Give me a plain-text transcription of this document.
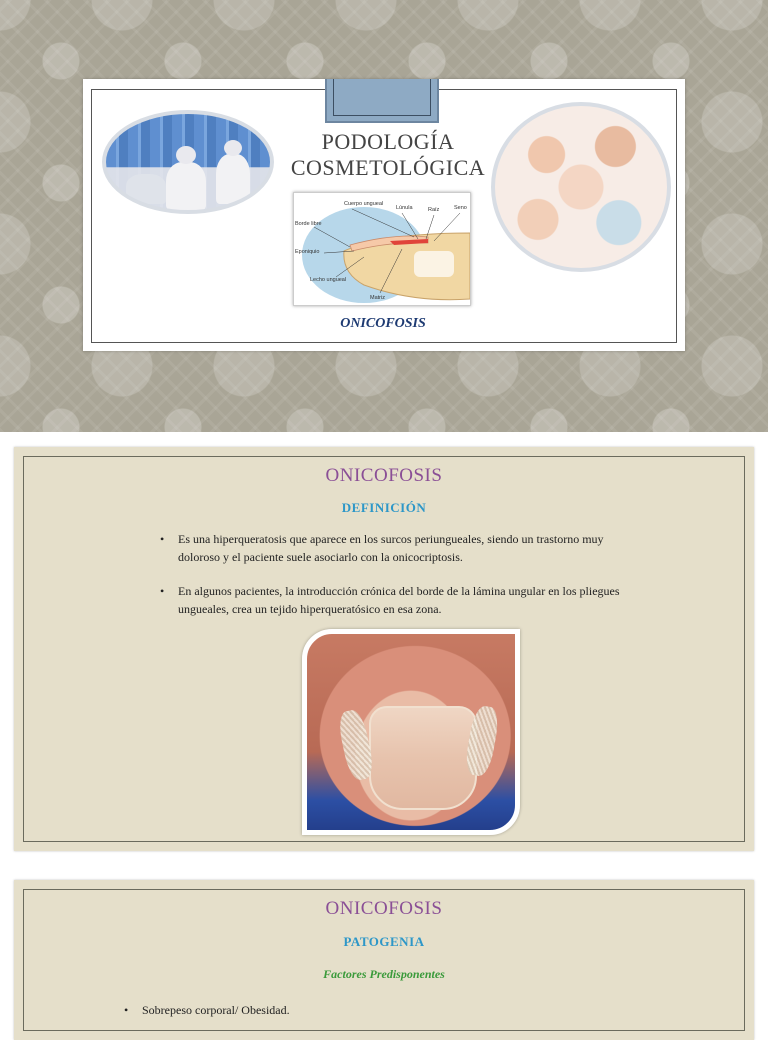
PODOLOGÍA
COSMETOLÓGICA
Cuerpo ungueal
Lúnula	Raíz	Seno
Borde libre
Eponiquio
Lecho ungueal
Matriz
ONICOFOSIS
ONICOFOSIS
DEFINICIÓN
• Es una hiperqueratosis que aparece en los surcos periungueales, siendo un trastorno muy doloroso y el paciente suele asociarlo con la onicocriptosis.
• En algunos pacientes, la introducción crónica del borde de la lámina ungular en los pliegues ungueales, crea un tejido hiperqueratósico en esa zona.
ONICOFOSIS
PATOGENIA
Factores Predisponentes
• Sobrepeso corporal/ Obesidad.
